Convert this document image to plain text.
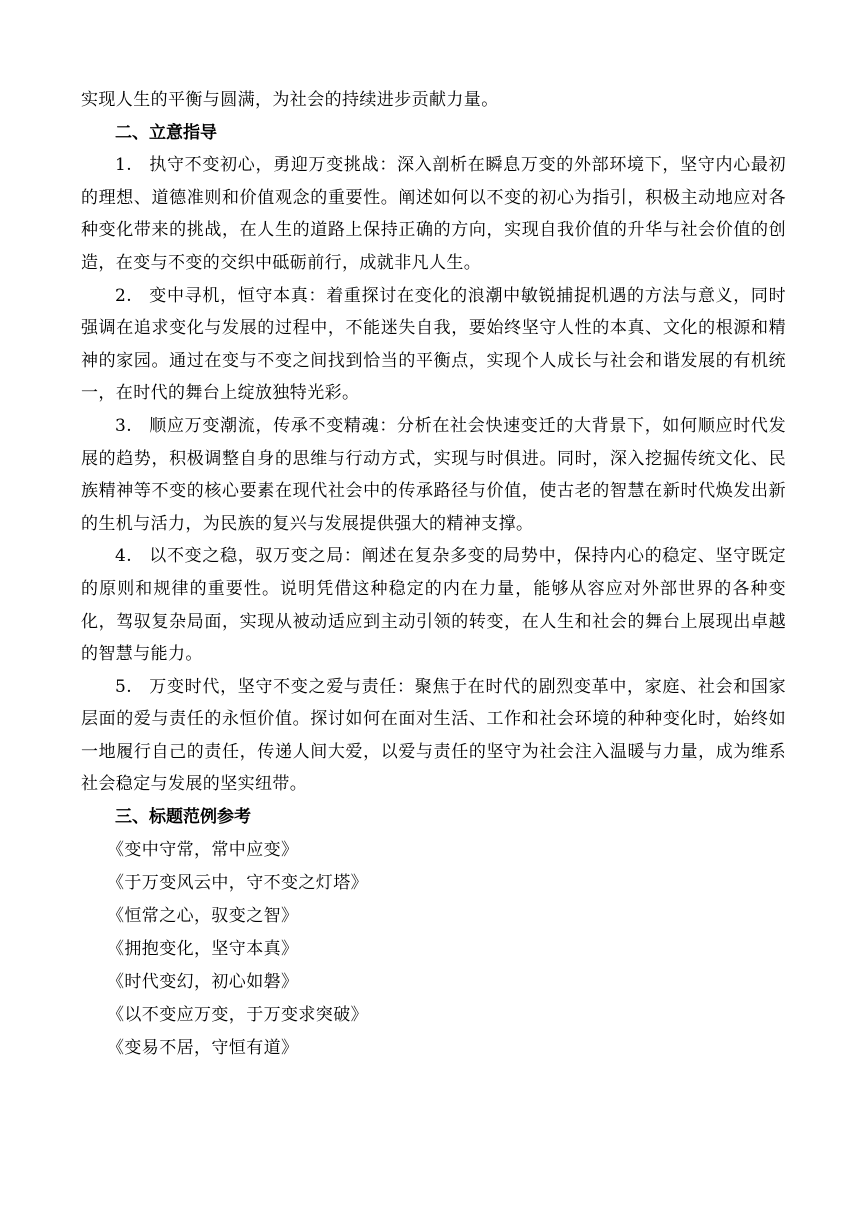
实现人生的平衡与圆满，为社会的持续进步贡献力量。

二、立意指导

1. 执守不变初心，勇迎万变挑战：深入剖析在瞬息万变的外部环境下，坚守内心最初的理想、道德准则和价值观念的重要性。阐述如何以不变的初心为指引，积极主动地应对各种变化带来的挑战，在人生的道路上保持正确的方向，实现自我价值的升华与社会价值的创造，在变与不变的交织中砥砺前行，成就非凡人生。

2. 变中寻机，恒守本真：着重探讨在变化的浪潮中敏锐捕捉机遇的方法与意义，同时强调在追求变化与发展的过程中，不能迷失自我，要始终坚守人性的本真、文化的根源和精神的家园。通过在变与不变之间找到恰当的平衡点，实现个人成长与社会和谐发展的有机统一，在时代的舞台上绽放独特光彩。

3. 顺应万变潮流，传承不变精魂：分析在社会快速变迁的大背景下，如何顺应时代发展的趋势，积极调整自身的思维与行动方式，实现与时俱进。同时，深入挖掘传统文化、民族精神等不变的核心要素在现代社会中的传承路径与价值，使古老的智慧在新时代焕发出新的生机与活力，为民族的复兴与发展提供强大的精神支撑。

4. 以不变之稳，驭万变之局：阐述在复杂多变的局势中，保持内心的稳定、坚守既定的原则和规律的重要性。说明凭借这种稳定的内在力量，能够从容应对外部世界的各种变化，驾驭复杂局面，实现从被动适应到主动引领的转变，在人生和社会的舞台上展现出卓越的智慧与能力。

5. 万变时代，坚守不变之爱与责任：聚焦于在时代的剧烈变革中，家庭、社会和国家层面的爱与责任的永恒价值。探讨如何在面对生活、工作和社会环境的种种变化时，始终如一地履行自己的责任，传递人间大爱，以爱与责任的坚守为社会注入温暖与力量，成为维系社会稳定与发展的坚实纽带。

三、标题范例参考

《变中守常，常中应变》
《于万变风云中，守不变之灯塔》
《恒常之心，驭变之智》
《拥抱变化，坚守本真》
《时代变幻，初心如磐》
《以不变应万变，于万变求突破》
《变易不居，守恒有道》
